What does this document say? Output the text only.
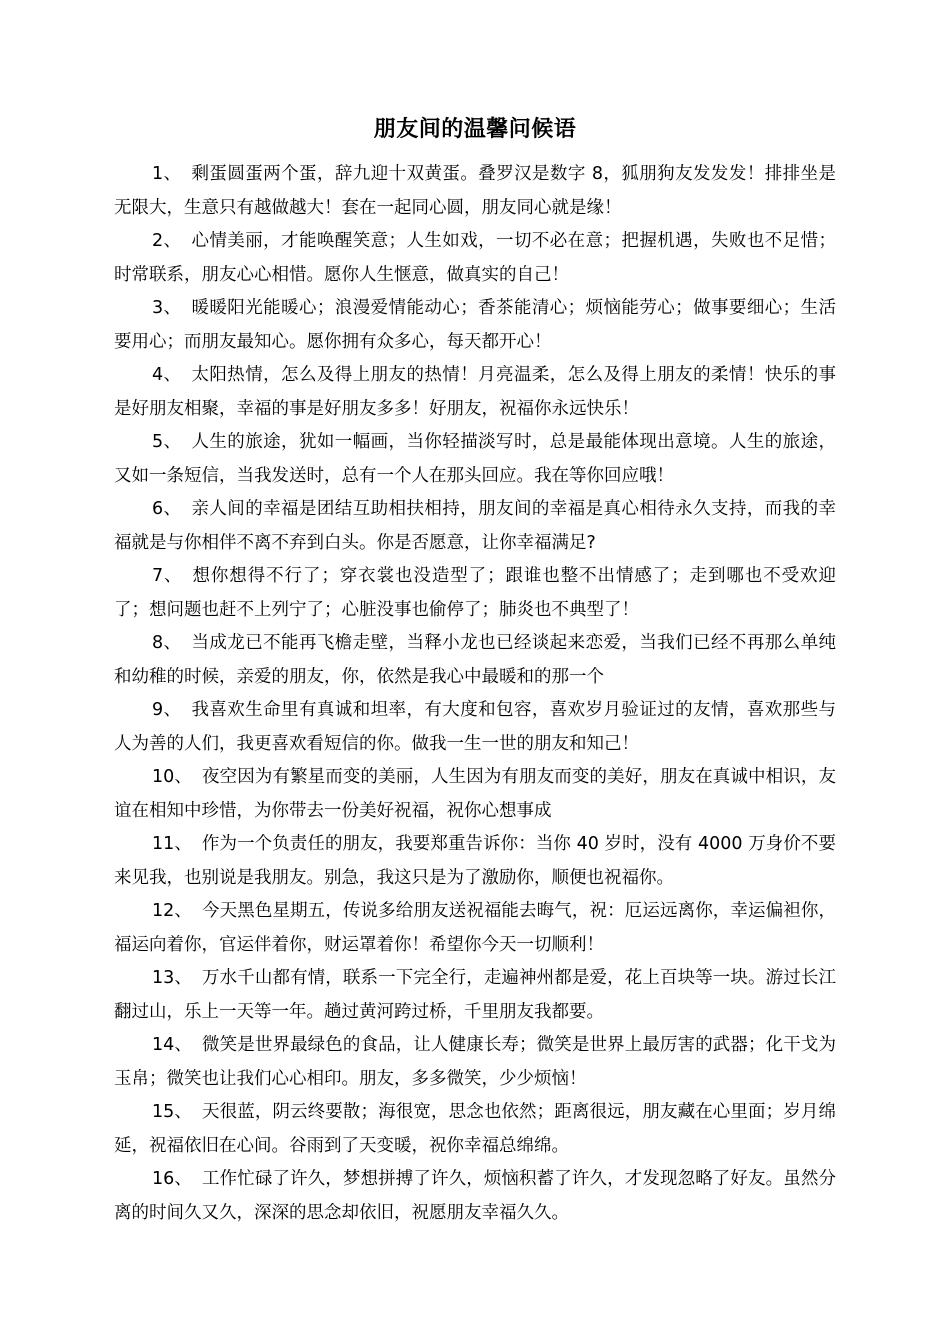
朋友间的温馨问候语

1、 剩蛋圆蛋两个蛋，辞九迎十双黄蛋。叠罗汉是数字 8，狐朋狗友发发发！排排坐是无限大，生意只有越做越大！套在一起同心圆，朋友同心就是缘！

2、 心情美丽，才能唤醒笑意；人生如戏，一切不必在意；把握机遇，失败也不足惜；时常联系，朋友心心相惜。愿你人生惬意，做真实的自己！

3、 暖暖阳光能暖心；浪漫爱情能动心；香茶能清心；烦恼能劳心；做事要细心；生活要用心；而朋友最知心。愿你拥有众多心，每天都开心！

4、 太阳热情，怎么及得上朋友的热情！月亮温柔，怎么及得上朋友的柔情！快乐的事是好朋友相聚，幸福的事是好朋友多多！好朋友，祝福你永远快乐！

5、 人生的旅途，犹如一幅画，当你轻描淡写时，总是最能体现出意境。人生的旅途，又如一条短信，当我发送时，总有一个人在那头回应。我在等你回应哦！

6、 亲人间的幸福是团结互助相扶相持，朋友间的幸福是真心相待永久支持，而我的幸福就是与你相伴不离不弃到白头。你是否愿意，让你幸福满足?

7、 想你想得不行了；穿衣裳也没造型了；跟谁也整不出情感了；走到哪也不受欢迎了；想问题也赶不上列宁了；心脏没事也偷停了；肺炎也不典型了！

8、 当成龙已不能再飞檐走壁，当释小龙也已经谈起来恋爱，当我们已经不再那么单纯和幼稚的时候，亲爱的朋友，你，依然是我心中最暖和的那一个

9、 我喜欢生命里有真诚和坦率，有大度和包容，喜欢岁月验证过的友情，喜欢那些与人为善的人们，我更喜欢看短信的你。做我一生一世的朋友和知己！

10、 夜空因为有繁星而变的美丽，人生因为有朋友而变的美好，朋友在真诚中相识，友谊在相知中珍惜，为你带去一份美好祝福，祝你心想事成

11、 作为一个负责任的朋友，我要郑重告诉你：当你 40 岁时，没有 4000 万身价不要来见我，也别说是我朋友。别急，我这只是为了激励你，顺便也祝福你。

12、 今天黑色星期五，传说多给朋友送祝福能去晦气，祝：厄运远离你，幸运偏袒你，福运向着你，官运伴着你，财运罩着你！希望你今天一切顺利！

13、 万水千山都有情，联系一下完全行，走遍神州都是爱，花上百块等一块。游过长江翻过山，乐上一天等一年。趟过黄河跨过桥，千里朋友我都要。

14、 微笑是世界最绿色的食品，让人健康长寿；微笑是世界上最厉害的武器；化干戈为玉帛；微笑也让我们心心相印。朋友，多多微笑，少少烦恼！

15、 天很蓝，阴云终要散；海很宽，思念也依然；距离很远，朋友藏在心里面；岁月绵延，祝福依旧在心间。谷雨到了天变暖，祝你幸福总绵绵。

16、 工作忙碌了许久，梦想拼搏了许久，烦恼积蓄了许久，才发现忽略了好友。虽然分离的时间久又久，深深的思念却依旧，祝愿朋友幸福久久。
